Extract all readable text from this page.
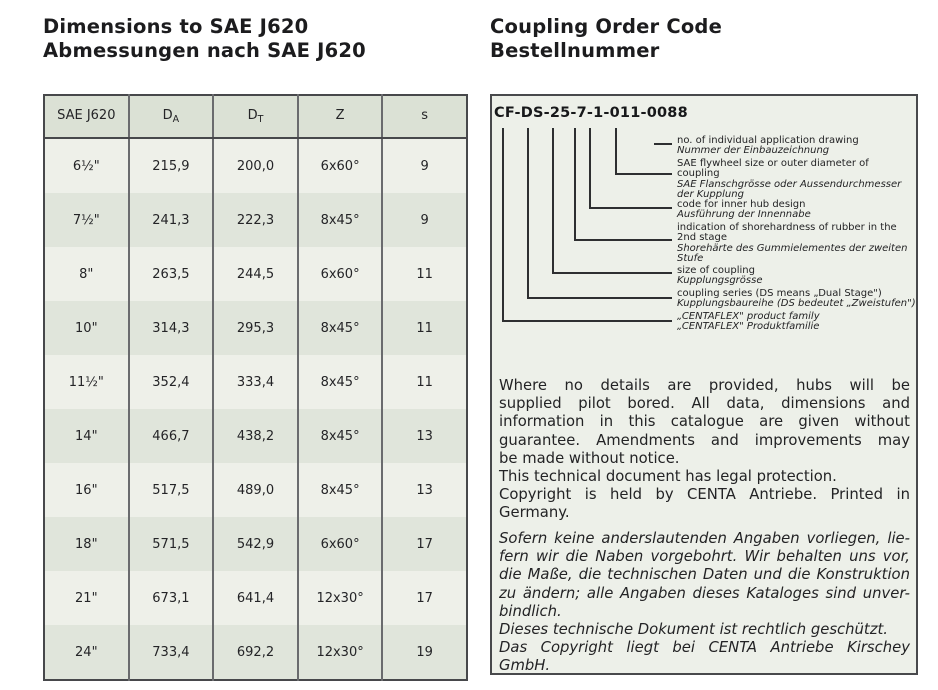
Dimensions to SAE J620
Abmessungen nach SAE J620
Coupling Order Code
Bestellnummer
SAE J620	$D_A$	$D_T$	Z	s
6½"	215,9	200,0	6x60°	9
7½"	241,3	222,3	8x45°	9
8"	263,5	244,5	6x60°	11
10"	314,3	295,3	8x45°	11
11½"	352,4	333,4	8x45°	11
14"	466,7	438,2	8x45°	13
16"	517,5	489,0	8x45°	13
18"	571,5	542,9	6x60°	17
21"	673,1	641,4	12x30°	17
24"	733,4	692,2	12x30°	19
CF-DS-25-7-1-011-0088
no. of individual application drawing
Nummer der Einbauzeichnung
SAE flywheel size or outer diameter of
coupling
SAE Flanschgrösse oder Aussendurchmesser
der Kupplung
code for inner hub design
Ausführung der Innennabe
indication of shorehardness of rubber in the
2nd stage
Shorehärte des Gummielementes der zweiten
Stufe
size of coupling
Kupplungsgrösse
coupling series (DS means „Dual Stage")
Kupplungsbaureihe (DS bedeutet „Zweistufen")
„CENTAFLEX" product family
„CENTAFLEX" Produktfamilie
Where no details are provided, hubs will be
supplied pilot bored. All data, dimensions and
information in this catalogue are given without
guarantee. Amendments and improvements may
be made without notice.
This technical document has legal protection.
Copyright is held by CENTA Antriebe. Printed in
Germany.
Sofern keine anderslautenden Angaben vorliegen, lie-
fern wir die Naben vorgebohrt. Wir behalten uns vor,
die Maße, die technischen Daten und die Konstruktion
zu ändern; alle Angaben dieses Kataloges sind unver-
bindlich.
Dieses technische Dokument ist rechtlich geschützt.
Das Copyright liegt bei CENTA Antriebe Kirschey
GmbH.
